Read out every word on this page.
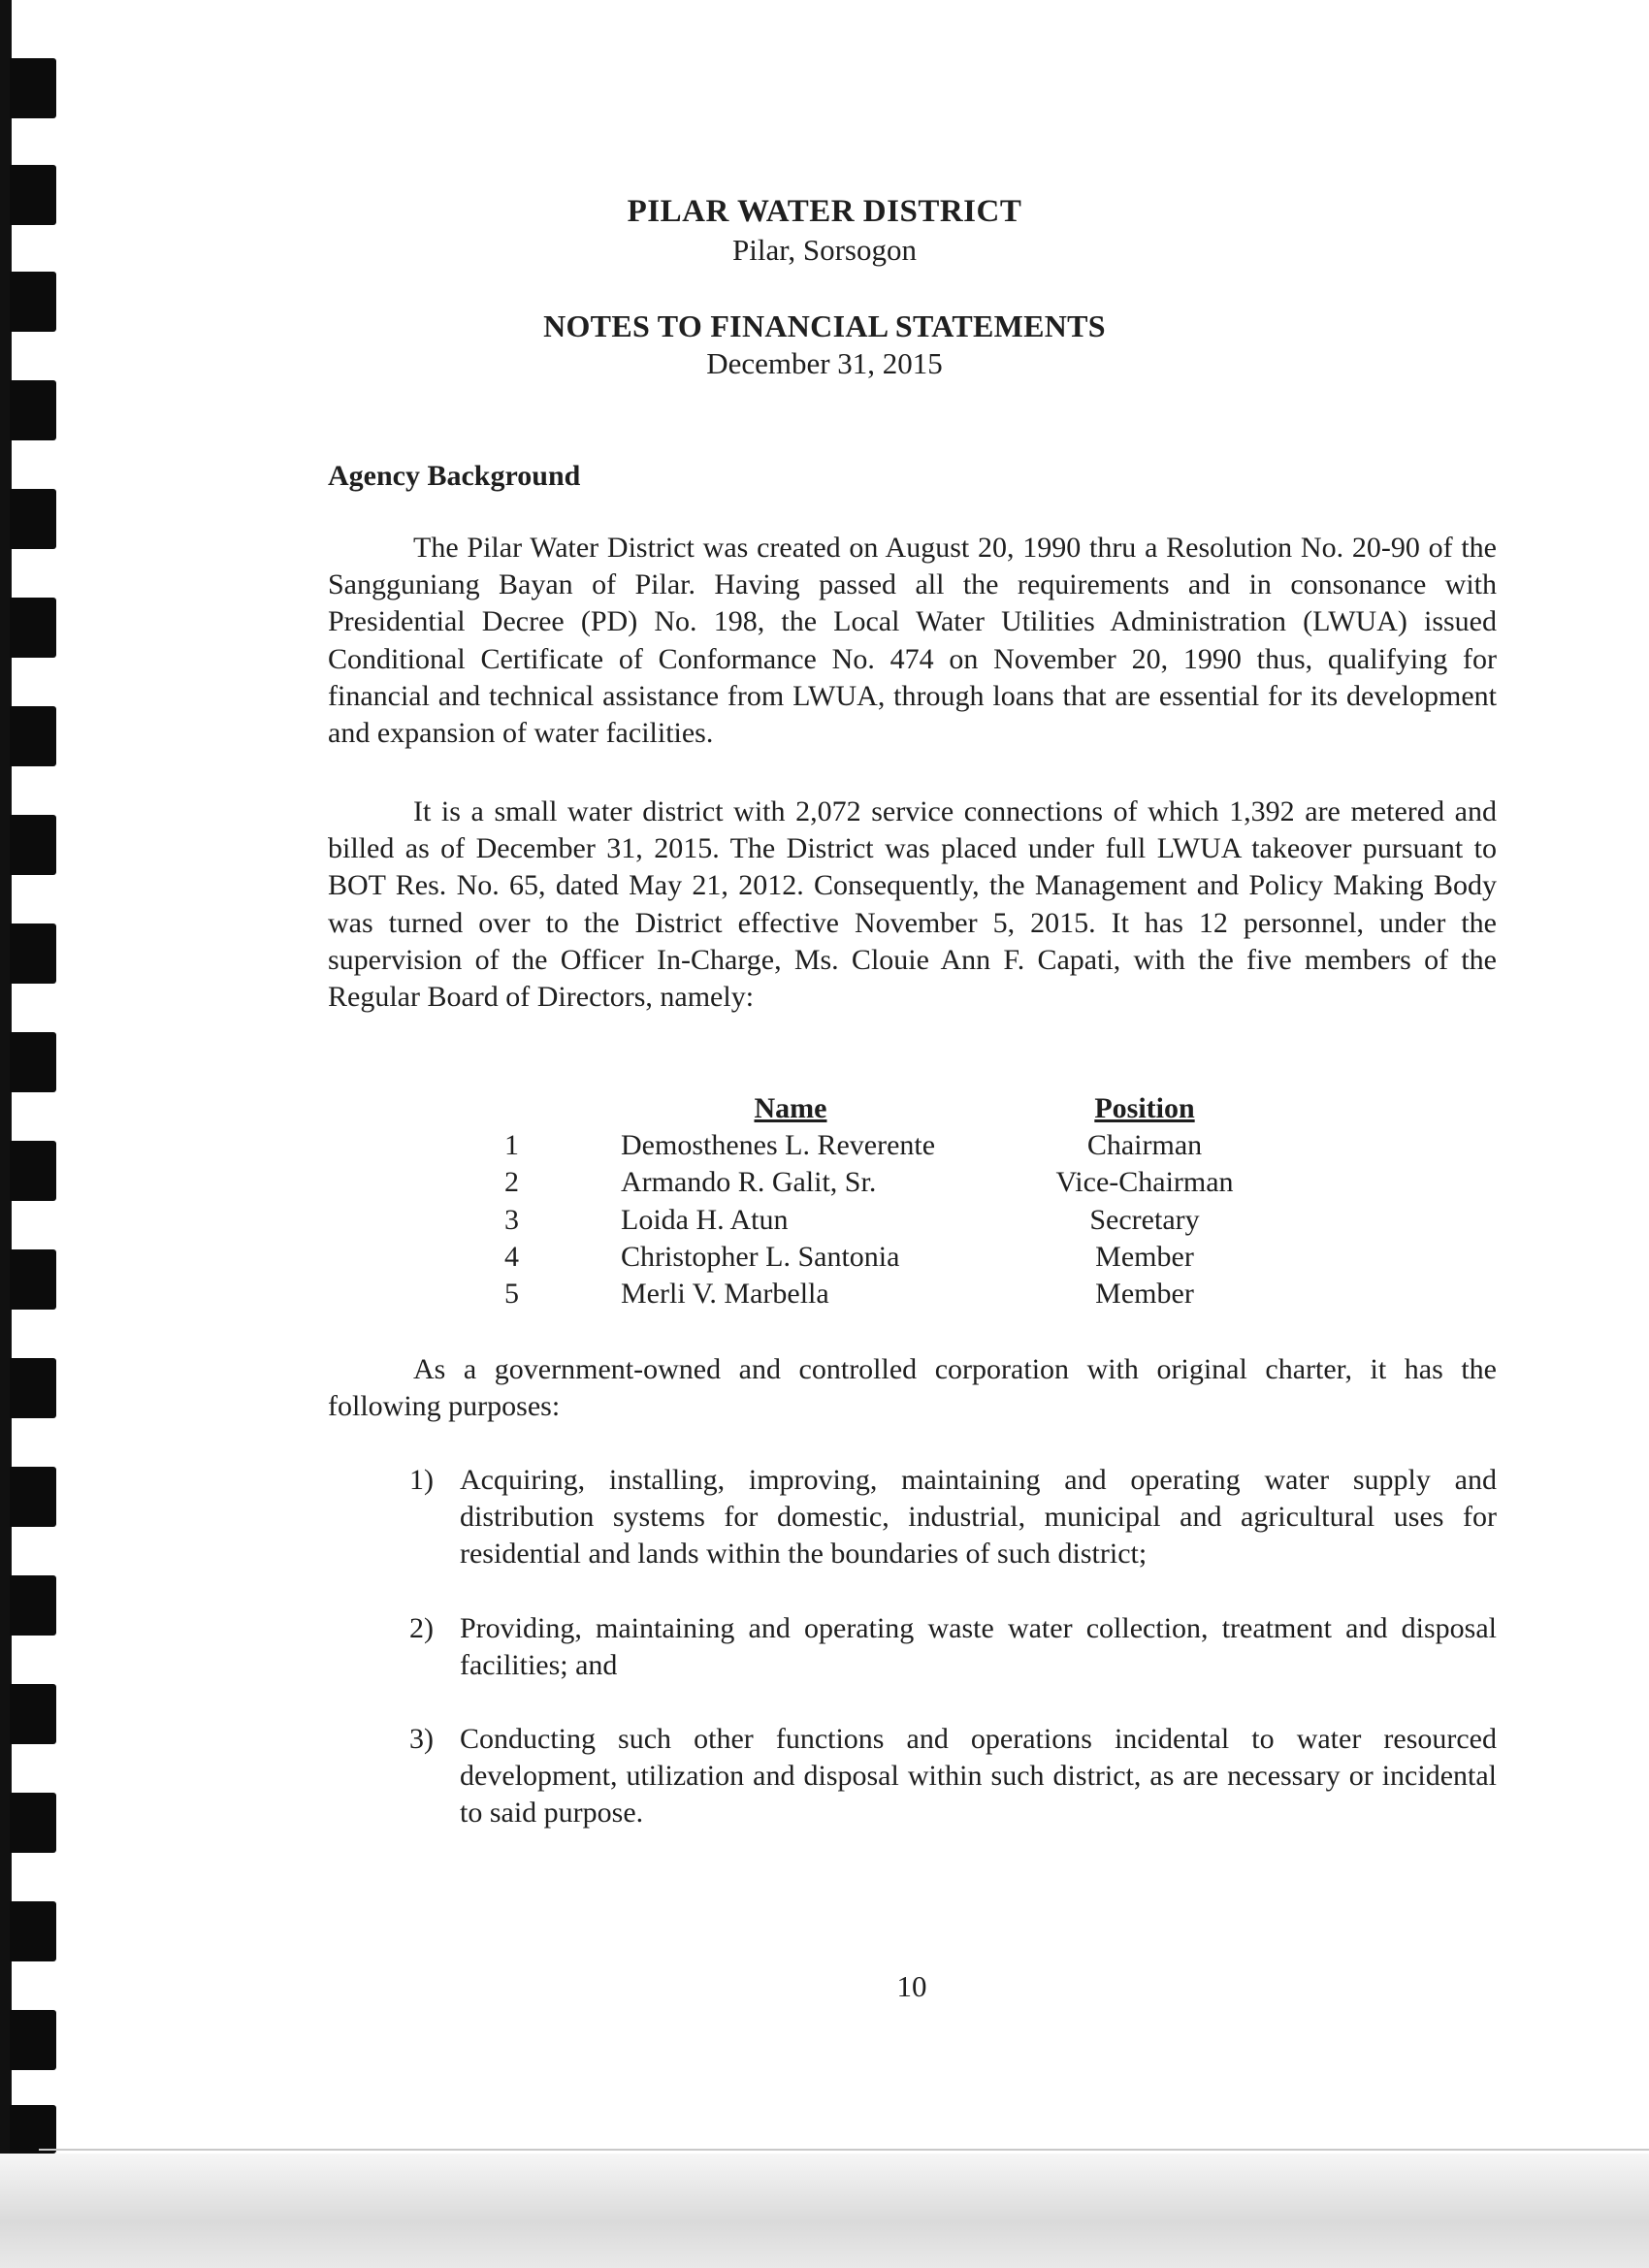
PILAR WATER DISTRICT
Pilar, Sorsogon
NOTES TO FINANCIAL STATEMENTS
December 31, 2015
Agency Background

The Pilar Water District was created on August 20, 1990 thru a Resolution No. 20-90 of the Sangguniang Bayan of Pilar. Having passed all the requirements and in consonance with Presidential Decree (PD) No. 198, the Local Water Utilities Administration (LWUA) issued Conditional Certificate of Conformance No. 474 on November 20, 1990 thus, qualifying for financial and technical assistance from LWUA, through loans that are essential for its development and expansion of water facilities.

It is a small water district with 2,072 service connections of which 1,392 are metered and billed as of December 31, 2015. The District was placed under full LWUA takeover pursuant to BOT Res. No. 65, dated May 21, 2012. Consequently, the Management and Policy Making Body was turned over to the District effective November 5, 2015. It has 12 personnel, under the supervision of the Officer In-Charge, Ms. Clouie Ann F. Capati, with the five members of the Regular Board of Directors, namely:

Name	Position
1	Demosthenes L. Reverente	Chairman
2	Armando R. Galit, Sr.	Vice-Chairman
3	Loida H. Atun	Secretary
4	Christopher L. Santonia	Member
5	Merli V. Marbella	Member

As a government-owned and controlled corporation with original charter, it has the following purposes:

1) Acquiring, installing, improving, maintaining and operating water supply and distribution systems for domestic, industrial, municipal and agricultural uses for residential and lands within the boundaries of such district;
2) Providing, maintaining and operating waste water collection, treatment and disposal facilities; and
3) Conducting such other functions and operations incidental to water resourced development, utilization and disposal within such district, as are necessary or incidental to said purpose.
10
